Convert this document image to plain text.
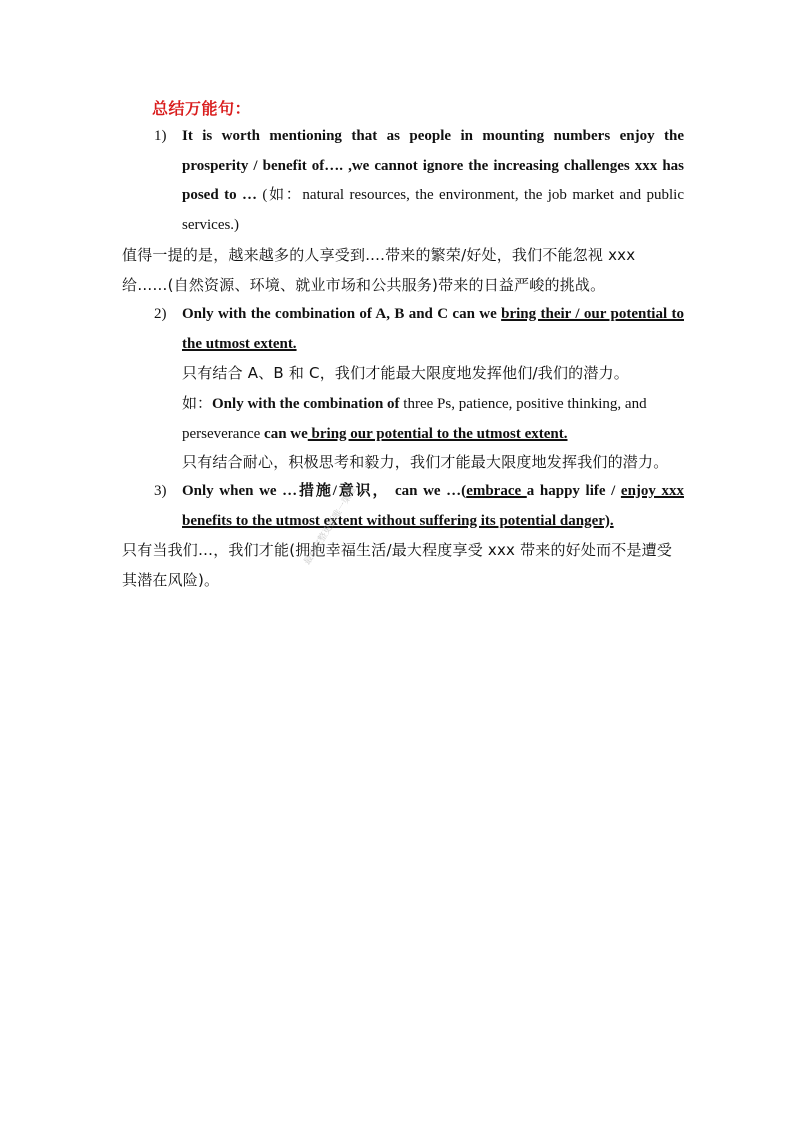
总结万能句：
1) It is worth mentioning that as people in mounting numbers enjoy the prosperity / benefit of…. ,we cannot ignore the increasing challenges xxx has posed to … (如：natural resources, the environment, the job market and public services.)
值得一提的是，越来越多的人享受到....带来的繁荣/好处，我们不能忽视 xxx 给……(自然资源、环境、就业市场和公共服务)带来的日益严峻的挑战。
2) Only with the combination of A, B and C can we bring their / our potential to the utmost extent.
只有结合 A、B 和 C，我们才能最大限度地发挥他们/我们的潜力。
如：Only with the combination of three Ps, patience, positive thinking, and perseverance can we bring our potential to the utmost extent.
只有结合耐心，积极思考和毅力，我们才能最大限度地发挥我们的潜力。
3) Only when we …措施/意识， can we …(embrace a happy life / enjoy xxx benefits to the utmost extent without suffering its potential danger).
只有当我们…，我们才能(拥抱幸福生活/最大程度享受 xxx 带来的好处而不是遭受其潜在风险)。
最快完整更新唯一渠道
